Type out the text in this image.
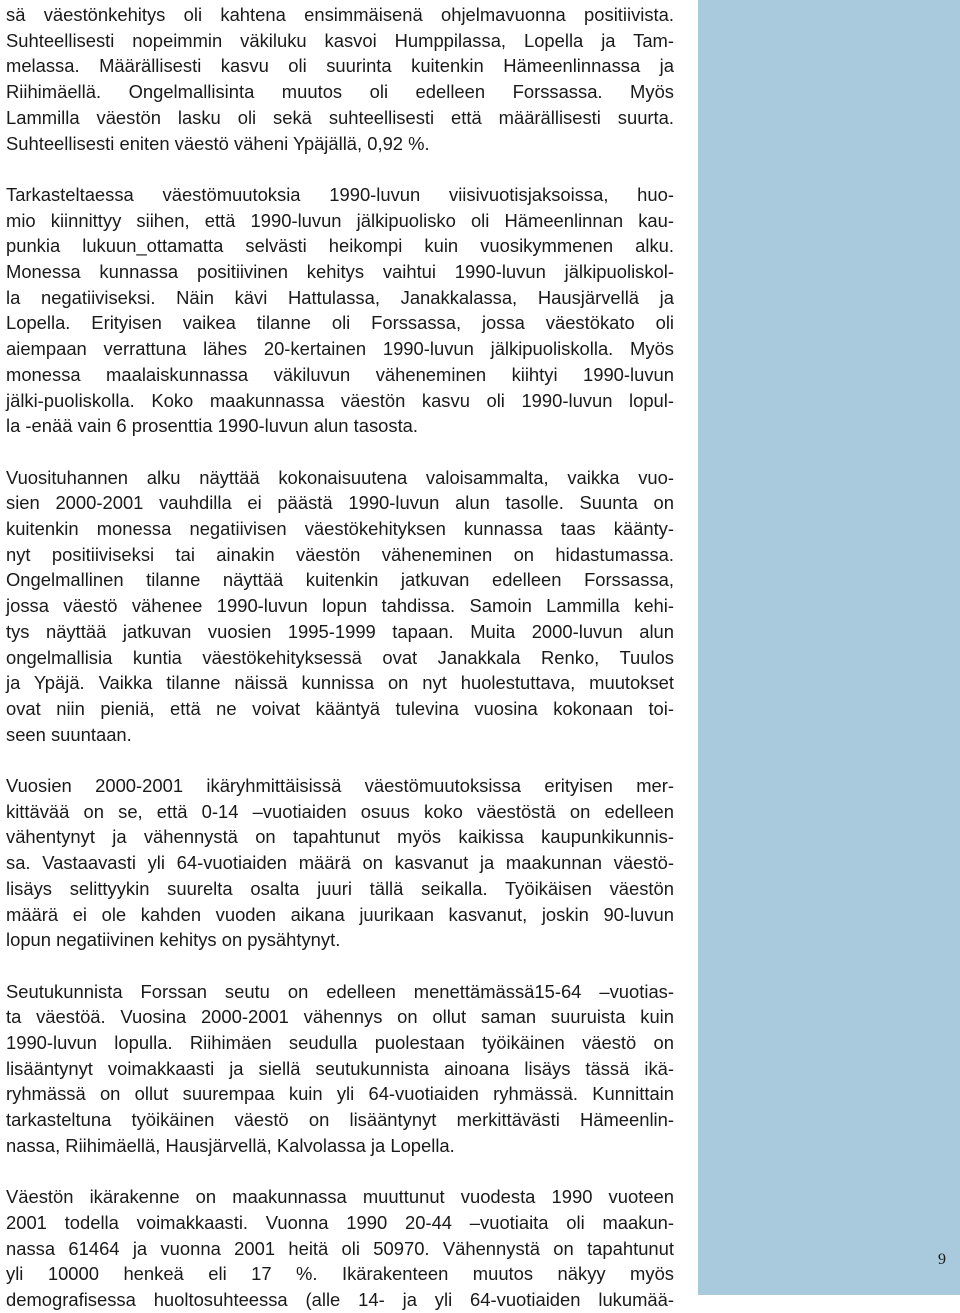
sä väestönkehitys oli kahtena ensimmäisenä ohjelmavuonna positiivista.
Suhteellisesti nopeimmin väkiluku kasvoi Humppilassa, Lopella ja Tam-
melassa. Määrällisesti kasvu oli suurinta kuitenkin Hämeenlinnassa ja
Riihimäellä. Ongelmallisinta muutos oli edelleen Forssassa. Myös
Lammilla väestön lasku oli sekä suhteellisesti että määrällisesti suurta.
Suhteellisesti eniten väestö väheni Ypäjällä, 0,92 %.
Tarkasteltaessa väestömuutoksia 1990-luvun viisivuotisjaksoissa, huo-
mio kiinnittyy siihen, että 1990-luvun jälkipuolisko oli Hämeenlinnan kau-
punkia lukuun_ottamatta selvästi heikompi kuin vuosikymmenen alku.
Monessa kunnassa positiivinen kehitys vaihtui 1990-luvun jälkipuoliskol-
la negatiiviseksi. Näin kävi Hattulassa, Janakkalassa, Hausjärvellä ja
Lopella. Erityisen vaikea tilanne oli Forssassa, jossa väestökato oli
aiempaan verrattuna lähes 20-kertainen 1990-luvun jälkipuoliskolla. Myös
monessa maalaiskunnassa väkiluvun väheneminen kiihtyi 1990-luvun
jälki-puoliskolla. Koko maakunnassa väestön kasvu oli 1990-luvun lopul-
la -enää vain 6 prosenttia 1990-luvun alun tasosta.
Vuosituhannen alku näyttää kokonaisuutena valoisammalta, vaikka vuo-
sien 2000-2001 vauhdilla ei päästä 1990-luvun alun tasolle. Suunta on
kuitenkin monessa negatiivisen väestökehityksen kunnassa taas käänty-
nyt positiiviseksi tai ainakin väestön väheneminen on hidastumassa.
Ongelmallinen tilanne näyttää kuitenkin jatkuvan edelleen Forssassa,
jossa väestö vähenee 1990-luvun lopun tahdissa. Samoin Lammilla kehi-
tys näyttää jatkuvan vuosien 1995-1999 tapaan. Muita 2000-luvun alun
ongelmallisia kuntia väestökehityksessä ovat Janakkala Renko, Tuulos
ja Ypäjä. Vaikka tilanne näissä kunnissa on nyt huolestuttava, muutokset
ovat niin pieniä, että ne voivat kääntyä tulevina vuosina kokonaan toi-
seen suuntaan.
Vuosien 2000-2001 ikäryhmittäisissä väestömuutoksissa erityisen mer-
kittävää on se, että 0-14 –vuotiaiden osuus koko väestöstä on edelleen
vähentynyt ja vähennystä on tapahtunut myös kaikissa kaupunkikunnis-
sa. Vastaavasti yli 64-vuotiaiden määrä on kasvanut ja maakunnan väestö-
lisäys selittyykin suurelta osalta juuri tällä seikalla. Työikäisen väestön
määrä ei ole kahden vuoden aikana juurikaan kasvanut, joskin 90-luvun
lopun negatiivinen kehitys on pysähtynyt.
Seutukunnista Forssan seutu on edelleen menettämässä15-64 –vuotias-
ta väestöä. Vuosina 2000-2001 vähennys on ollut saman suuruista kuin
1990-luvun lopulla. Riihimäen seudulla puolestaan työikäinen väestö on
lisääntynyt voimakkaasti ja siellä seutukunnista ainoana lisäys tässä ikä-
ryhmässä on ollut suurempaa kuin yli 64-vuotiaiden ryhmässä. Kunnittain
tarkasteltuna työikäinen väestö on lisääntynyt merkittävästi Hämeenlin-
nassa, Riihimäellä, Hausjärvellä, Kalvolassa ja Lopella.
Väestön ikärakenne on maakunnassa muuttunut vuodesta 1990 vuoteen
2001 todella voimakkaasti. Vuonna 1990 20-44 –vuotiaita oli maakun-
nassa 61464 ja vuonna 2001 heitä oli 50970. Vähennystä on tapahtunut
yli 10000 henkeä eli 17 %. Ikärakenteen muutos näkyy myös
demografisessa huoltosuhteessa (alle 14- ja yli 64-vuotiaiden lukumää-
9
